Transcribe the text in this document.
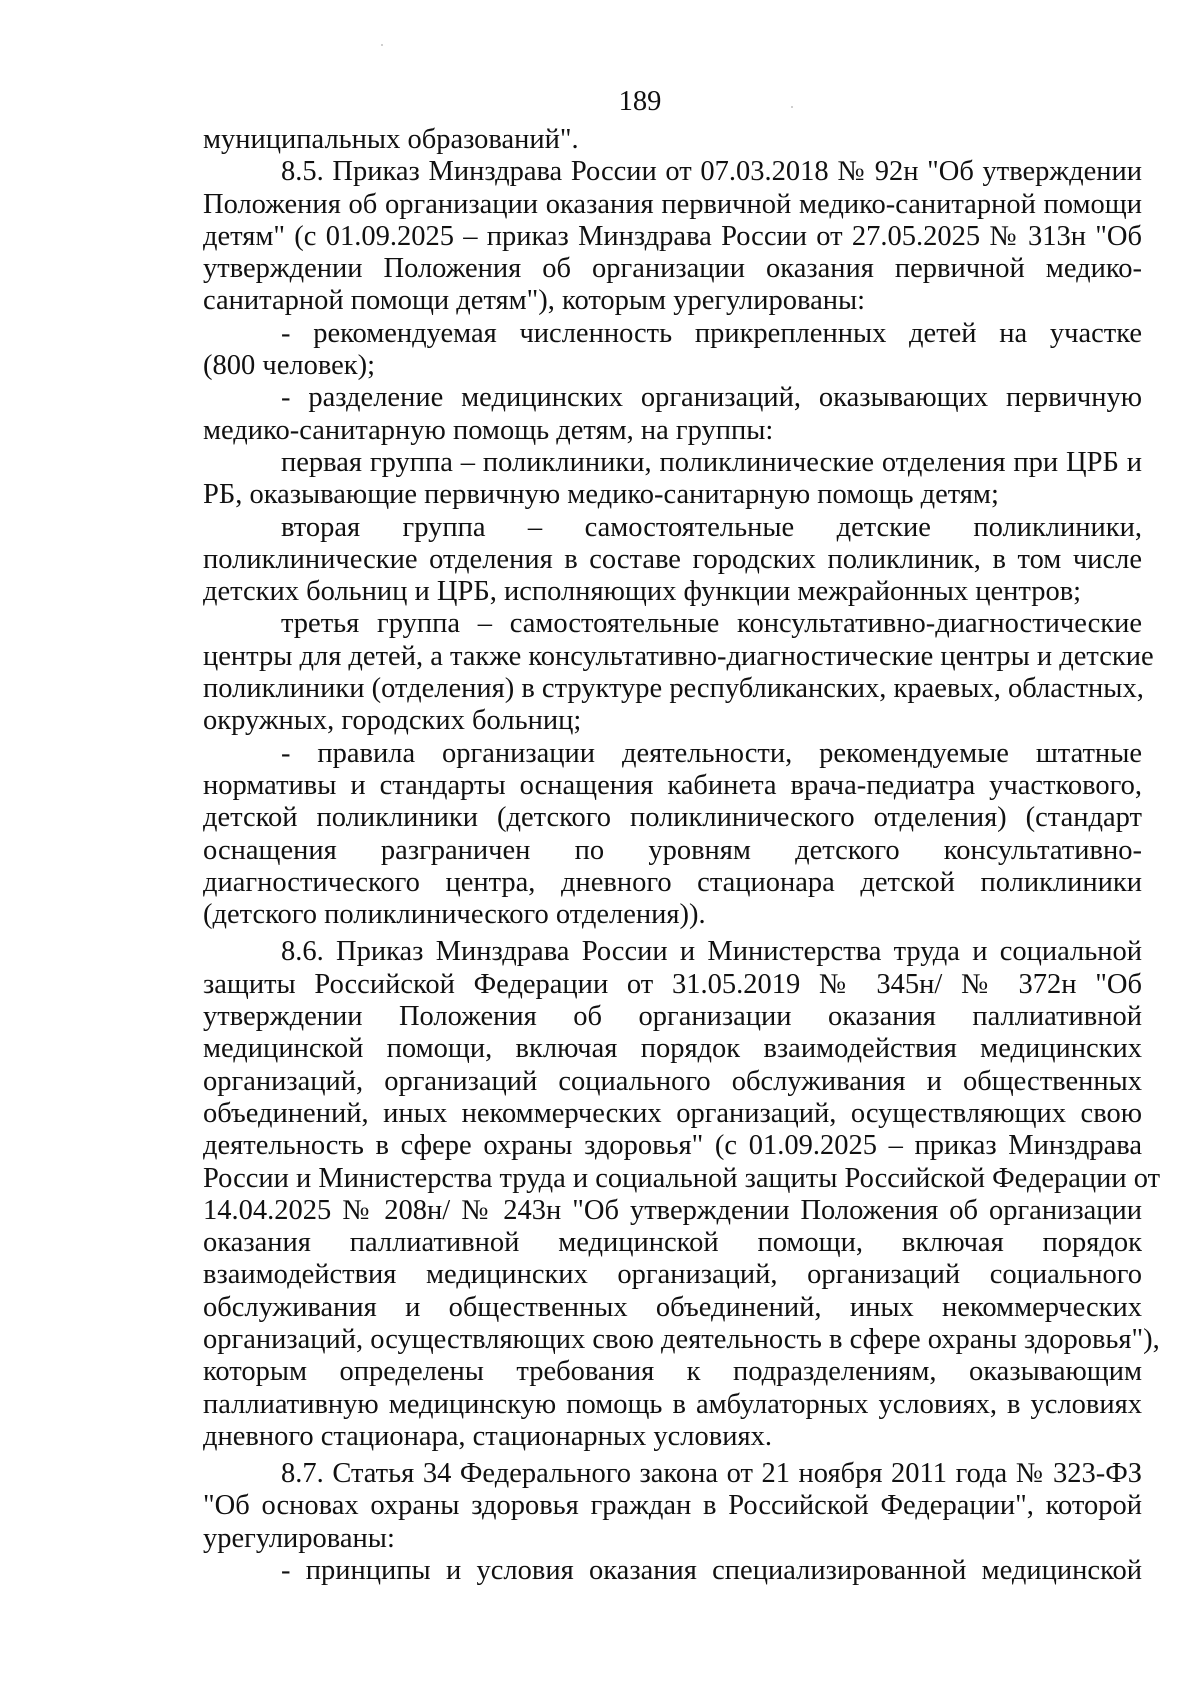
189
муниципальных образований".
8.5. Приказ Минздрава России от 07.03.2018 № 92н "Об утверждении
Положения об организации оказания первичной медико-санитарной помощи
детям" (с 01.09.2025 – приказ Минздрава России от 27.05.2025 № 313н "Об
утверждении Положения об организации оказания первичной медико-
санитарной помощи детям"), которым урегулированы:
- рекомендуемая численность прикрепленных детей на участке
(800 человек);
- разделение медицинских организаций, оказывающих первичную
медико-санитарную помощь детям, на группы:
первая группа – поликлиники, поликлинические отделения при ЦРБ и
РБ, оказывающие первичную медико-санитарную помощь детям;
вторая группа – самостоятельные детские поликлиники,
поликлинические отделения в составе городских поликлиник, в том числе
детских больниц и ЦРБ, исполняющих функции межрайонных центров;
третья группа – самостоятельные консультативно-диагностические
центры для детей, а также консультативно-диагностические центры и детские
поликлиники (отделения) в структуре республиканских, краевых, областных,
окружных, городских больниц;
- правила организации деятельности, рекомендуемые штатные
нормативы и стандарты оснащения кабинета врача-педиатра участкового,
детской поликлиники (детского поликлинического отделения) (стандарт
оснащения разграничен по уровням детского консультативно-
диагностического центра, дневного стационара детской поликлиники
(детского поликлинического отделения)).
8.6. Приказ Минздрава России и Министерства труда и социальной
защиты Российской Федерации от 31.05.2019 № 345н/ № 372н "Об
утверждении Положения об организации оказания паллиативной
медицинской помощи, включая порядок взаимодействия медицинских
организаций, организаций социального обслуживания и общественных
объединений, иных некоммерческих организаций, осуществляющих свою
деятельность в сфере охраны здоровья" (с 01.09.2025 – приказ Минздрава
России и Министерства труда и социальной защиты Российской Федерации от
14.04.2025 № 208н/ № 243н "Об утверждении Положения об организации
оказания паллиативной медицинской помощи, включая порядок
взаимодействия медицинских организаций, организаций социального
обслуживания и общественных объединений, иных некоммерческих
организаций, осуществляющих свою деятельность в сфере охраны здоровья"),
которым определены требования к подразделениям, оказывающим
паллиативную медицинскую помощь в амбулаторных условиях, в условиях
дневного стационара, стационарных условиях.
8.7. Статья 34 Федерального закона от 21 ноября 2011 года № 323-ФЗ
"Об основах охраны здоровья граждан в Российской Федерации", которой
урегулированы:
- принципы и условия оказания специализированной медицинской
